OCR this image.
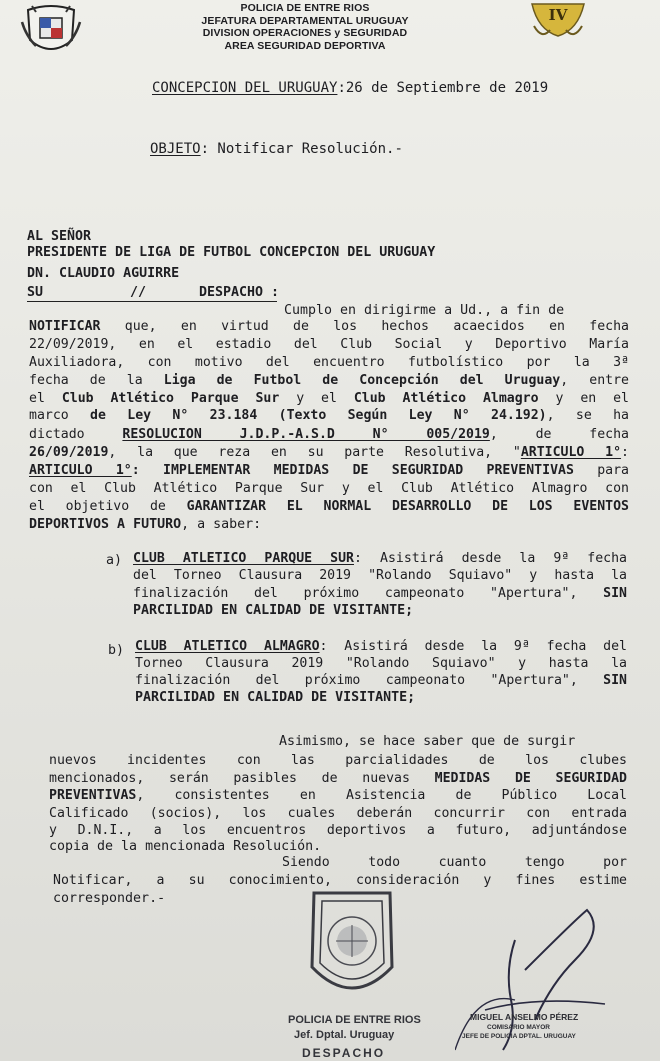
POLICIA DE ENTRE RIOS
JEFATURA DEPARTAMENTAL URUGUAY
DIVISION OPERACIONES y SEGURIDAD
AREA SEGURIDAD DEPORTIVA
IV
CONCEPCION DEL URUGUAY:26 de Septiembre de 2019
OBJETO: Notificar Resolución.-
AL SEÑOR
PRESIDENTE DE LIGA DE FUTBOL CONCEPCION DEL URUGUAY
DN. CLAUDIO AGUIRRE
SU	//	DESPACHO :
Cumplo en dirigirme a Ud., a fin de
NOTIFICAR que, en virtud de los hechos acaecidos en fecha
22/09/2019, en el estadio del Club Social y Deportivo María
Auxiliadora, con motivo del encuentro futbolístico por la 3ª
fecha de la Liga de Futbol de Concepción del Uruguay, entre
el Club Atlético Parque Sur y el Club Atlético Almagro y en el
marco de Ley N° 23.184 (Texto Según Ley N° 24.192), se ha
dictado	RESOLUCION J.D.P.-A.S.D N° 005/2019, de fecha
26/09/2019, la que reza en su parte Resolutiva, "ARTICULO 1°:
ARTICULO 1°: IMPLEMENTAR MEDIDAS DE SEGURIDAD PREVENTIVAS para
con el Club Atlético Parque Sur y el Club Atlético Almagro con
el objetivo de GARANTIZAR EL NORMAL DESARROLLO DE LOS EVENTOS
DEPORTIVOS A FUTURO, a saber:
a) CLUB ATLETICO PARQUE SUR: Asistirá desde la 9ª fecha
del Torneo Clausura 2019 "Rolando Squiavo" y hasta la
finalización del próximo campeonato "Apertura", SIN
PARCILIDAD EN CALIDAD DE VISITANTE;
b) CLUB ATLETICO ALMAGRO: Asistirá desde la 9ª fecha del
Torneo Clausura 2019 "Rolando Squiavo" y hasta la
finalización del próximo campeonato "Apertura", SIN
PARCILIDAD EN CALIDAD DE VISITANTE;
Asimismo, se hace saber que de surgir
nuevos incidentes con las parcialidades de los clubes
mencionados, serán pasibles de nuevas MEDIDAS DE SEGURIDAD
PREVENTIVAS, consistentes en Asistencia de Público Local
Calificado (socios), los cuales deberán concurrir con entrada
y D.N.I., a los encuentros deportivos a futuro, adjuntándose
copia de la mencionada Resolución.
Siendo todo cuanto tengo por
Notificar, a su conocimiento, consideración y fines estime
corresponder.-
POLICIA DE ENTRE RIOS
Jef. Dptal. Uruguay
DESPACHO
MIGUEL ANSELMO PÉREZ
COMISARIO MAYOR
JEFE DE POLICIA DPTAL. URUGUAY
